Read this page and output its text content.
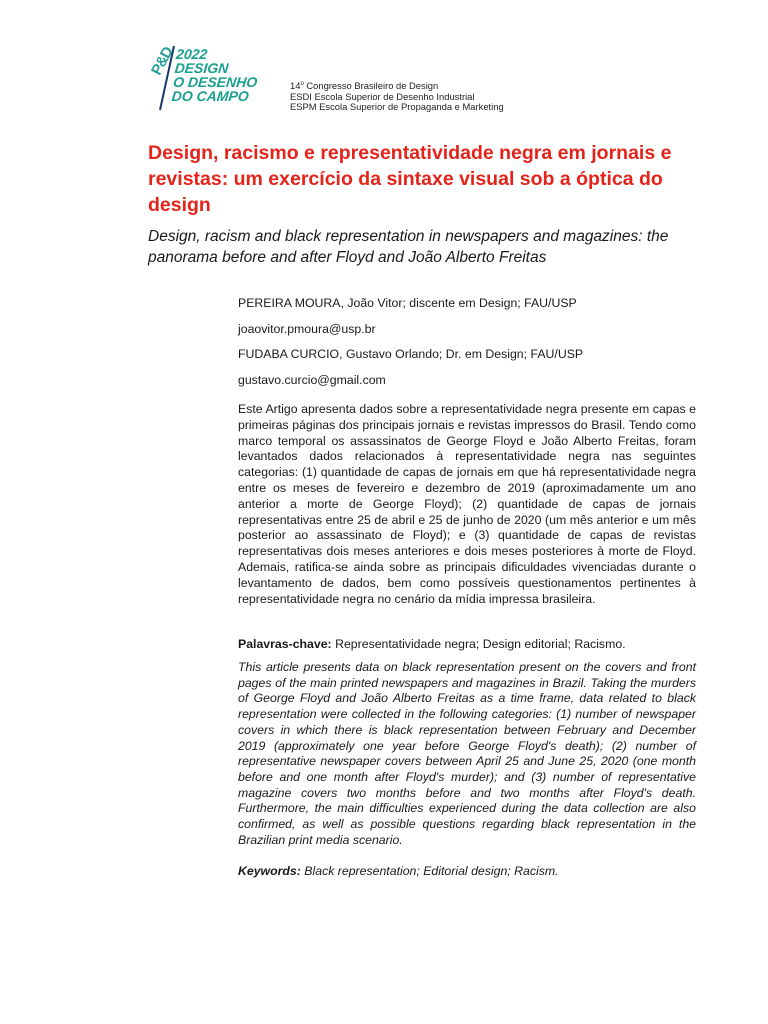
P&D
2022
DESIGN
O DESENHO
DO CAMPO
14$^o$ Congresso Brasileiro de Design
ESDI Escola Superior de Desenho Industrial
ESPM Escola Superior de Propaganda e Marketing
Design, racismo e representatividade negra em jornais e revistas: um exercício da sintaxe visual sob a óptica do design
Design, racism and black representation in newspapers and magazines: the panorama before and after Floyd and João Alberto Freitas

PEREIRA MOURA, João Vitor; discente em Design; FAU/USP

joaovitor.pmoura@usp.br

FUDABA CURCIO, Gustavo Orlando; Dr. em Design; FAU/USP

gustavo.curcio@gmail.com

Este Artigo apresenta dados sobre a representatividade negra presente em capas e primeiras páginas dos principais jornais e revistas impressos do Brasil. Tendo como marco temporal os assassinatos de George Floyd e João Alberto Freitas, foram levantados dados relacionados à representatividade negra nas seguintes categorias: (1) quantidade de capas de jornais em que há representatividade negra entre os meses de fevereiro e dezembro de 2019 (aproximadamente um ano anterior a morte de George Floyd); (2) quantidade de capas de jornais representativas entre 25 de abril e 25 de junho de 2020 (um mês anterior e um mês posterior ao assassinato de Floyd); e (3) quantidade de capas de revistas representativas dois meses anteriores e dois meses posteriores à morte de Floyd. Ademais, ratifica-se ainda sobre as principais dificuldades vivenciadas durante o levantamento de dados, bem como possíveis questionamentos pertinentes à representatividade negra no cenário da mídia impressa brasileira.

Palavras-chave: Representatividade negra; Design editorial; Racismo.
This article presents data on black representation present on the covers and front pages of the main printed newspapers and magazines in Brazil. Taking the murders of George Floyd and João Alberto Freitas as a time frame, data related to black representation were collected in the following categories: (1) number of newspaper covers in which there is black representation between February and December 2019 (approximately one year before George Floyd's death); (2) number of representative newspaper covers between April 25 and June 25, 2020 (one month before and one month after Floyd's murder); and (3) number of representative magazine covers two months before and two months after Floyd's death. Furthermore, the main difficulties experienced during the data collection are also confirmed, as well as possible questions regarding black representation in the Brazilian print media scenario.
Keywords: Black representation; Editorial design; Racism.
